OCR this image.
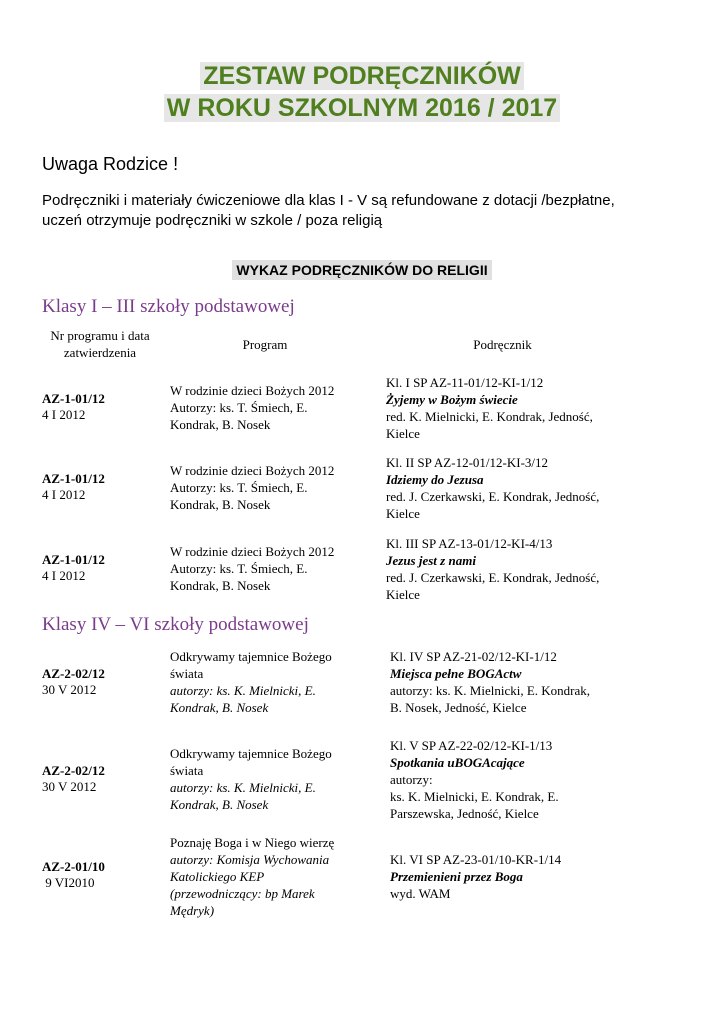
ZESTAW PODRĘCZNIKÓW
W ROKU SZKOLNYM 2016 / 2017
Uwaga Rodzice !
Podręczniki i materiały ćwiczeniowe dla klas I - V są refundowane z dotacji /bezpłatne,
uczeń otrzymuje podręczniki w szkole / poza religią
WYKAZ PODRĘCZNIKÓW DO RELIGII
Klasy I – III szkoły podstawowej
Nr programu i data
zatwierdzenia
Program	Podręcznik
AZ-1-01/12
4 I 2012
W rodzinie dzieci Bożych 2012
Autorzy: ks. T. Śmiech, E.
Kondrak, B. Nosek
Kl. I SP AZ-11-01/12-KI-1/12
Żyjemy w Bożym świecie
red. K. Mielnicki, E. Kondrak, Jedność,
Kielce
AZ-1-01/12
4 I 2012
W rodzinie dzieci Bożych 2012
Autorzy: ks. T. Śmiech, E.
Kondrak, B. Nosek
Kl. II SP AZ-12-01/12-KI-3/12
Idziemy do Jezusa
red. J. Czerkawski, E. Kondrak, Jedność,
Kielce
AZ-1-01/12
4 I 2012
W rodzinie dzieci Bożych 2012
Autorzy: ks. T. Śmiech, E.
Kondrak, B. Nosek
Kl. III SP AZ-13-01/12-KI-4/13
Jezus jest z nami
red. J. Czerkawski, E. Kondrak, Jedność,
Kielce
Klasy IV – VI szkoły podstawowej
AZ-2-02/12
30 V 2012
Odkrywamy tajemnice Bożego
świata
autorzy: ks. K. Mielnicki, E.
Kondrak, B. Nosek
Kl. IV SP AZ-21-02/12-KI-1/12
Miejsca pełne BOGActw
autorzy: ks. K. Mielnicki, E. Kondrak,
B. Nosek, Jedność, Kielce
AZ-2-02/12
30 V 2012
Odkrywamy tajemnice Bożego
świata
autorzy: ks. K. Mielnicki, E.
Kondrak, B. Nosek
Kl. V SP AZ-22-02/12-KI-1/13
Spotkania uBOGAcające
autorzy:
ks. K. Mielnicki, E. Kondrak, E.
Parszewska, Jedność, Kielce
AZ-2-01/10
9 VI2010
Poznaję Boga i w Niego wierzę
autorzy: Komisja Wychowania
Katolickiego KEP
(przewodniczący: bp Marek
Mędryk)
Kl. VI SP AZ-23-01/10-KR-1/14
Przemienieni przez Boga
wyd. WAM
